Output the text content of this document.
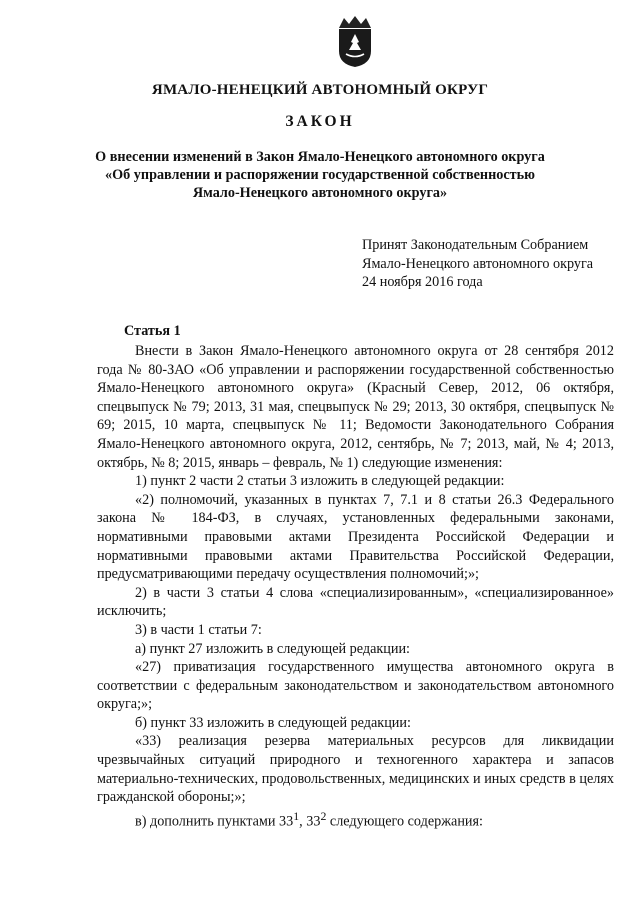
ЯМАЛО-НЕНЕЦКИЙ АВТОНОМНЫЙ ОКРУГ
ЗАКОН
О внесении изменений в Закон Ямало-Ненецкого автономного округа
«Об управлении и распоряжении государственной собственностью
Ямало-Ненецкого автономного округа»
Принят Законодательным Собранием
Ямало-Ненецкого автономного округа
24 ноября 2016 года
Статья 1

Внести в Закон Ямало-Ненецкого автономного округа от 28 сентября 2012 года № 80-ЗАО «Об управлении и распоряжении государственной собственностью Ямало-Ненецкого автономного округа» (Красный Север, 2012, 06 октября, спецвыпуск № 79; 2013, 31 мая, спецвыпуск № 29; 2013, 30 октября, спецвыпуск № 69; 2015, 10 марта, спецвыпуск № 11; Ведомости Законодательного Собрания Ямало-Ненецкого автономного округа, 2012, сентябрь, № 7; 2013, май, № 4; 2013, октябрь, № 8; 2015, январь – февраль, № 1) следующие изменения:

1) пункт 2 части 2 статьи 3 изложить в следующей редакции:

«2) полномочий, указанных в пунктах 7, 7.1 и 8 статьи 26.3 Федерального закона № 184-ФЗ, в случаях, установленных федеральными законами, нормативными правовыми актами Президента Российской Федерации и нормативными правовыми актами Правительства Российской Федерации, предусматривающими передачу осуществления полномочий;»;

2) в части 3 статьи 4 слова «специализированным», «специализированное» исключить;

3) в части 1 статьи 7:

а) пункт 27 изложить в следующей редакции:

«27) приватизация государственного имущества автономного округа в соответствии с федеральным законодательством и законодательством автономного округа;»;

б) пункт 33 изложить в следующей редакции:

«33) реализация резерва материальных ресурсов для ликвидации чрезвычайных ситуаций природного и техногенного характера и запасов материально-технических, продовольственных, медицинских и иных средств в целях гражданской обороны;»;

в) дополнить пунктами $33^1$, $33^2$ следующего содержания:
